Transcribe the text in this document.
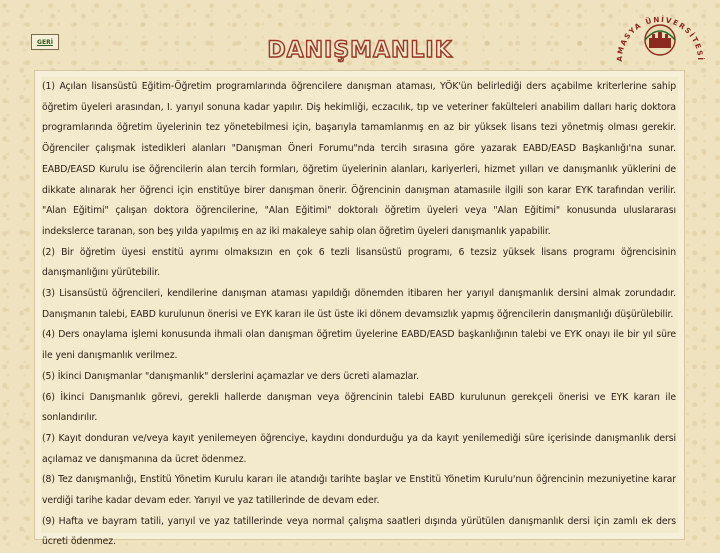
GERİ	DANIŞMANLIK	AMASYA ÜNİVERSİTESİ
2006

(1) Açılan lisansüstü Eğitim-Öğretim programlarında öğrencilere danışman ataması, YÖK'ün belirlediği ders açabilme kriterlerine sahip öğretim üyeleri arasından, I. yarıyıl sonuna kadar yapılır. Diş hekimliği, eczacılık, tıp ve veteriner fakülteleri anabilim dalları hariç doktora programlarında öğretim üyelerinin tez yönetebilmesi için, başarıyla tamamlanmış en az bir yüksek lisans tezi yönetmiş olması gerekir. Öğrenciler çalışmak istedikleri alanları "Danışman Öneri Forumu"nda tercih sırasına göre yazarak EABD/EASD Başkanlığı'na sunar. EABD/EASD Kurulu ise öğrencilerin alan tercih formları, öğretim üyelerinin alanları, kariyerleri, hizmet yılları ve danışmanlık yüklerini de dikkate alınarak her öğrenci için enstitüye birer danışman önerir. Öğrencinin danışman atamasıile ilgili son karar EYK tarafından verilir. "Alan Eğitimi" çalışan doktora öğrencilerine, "Alan Eğitimi" doktoralı öğretim üyeleri veya "Alan Eğitimi" konusunda uluslararası indekslerce taranan, son beş yılda yapılmış en az iki makaleye sahip olan öğretim üyeleri danışmanlık yapabilir.

(2) Bir öğretim üyesi enstitü ayrımı olmaksızın en çok 6 tezli lisansüstü programı, 6 tezsiz yüksek lisans programı öğrencisinin danışmanlığını yürütebilir.

(3) Lisansüstü öğrencileri, kendilerine danışman ataması yapıldığı dönemden itibaren her yarıyıl danışmanlık dersini almak zorundadır. Danışmanın talebi, EABD kurulunun önerisi ve EYK kararı ile üst üste iki dönem devamsızlık yapmış öğrencilerin danışmanlığı düşürülebilir.

(4) Ders onaylama işlemi konusunda ihmali olan danışman öğretim üyelerine EABD/EASD başkanlığının talebi ve EYK onayı ile bir yıl süre ile yeni danışmanlık verilmez.

(5) İkinci Danışmanlar "danışmanlık" derslerini açamazlar ve ders ücreti alamazlar.

(6) İkinci Danışmanlık görevi, gerekli hallerde danışman veya öğrencinin talebi EABD kurulunun gerekçeli önerisi ve EYK kararı ile sonlandırılır.

(7) Kayıt donduran ve/veya kayıt yenilemeyen öğrenciye, kaydını dondurduğu ya da kayıt yenilemediği süre içerisinde danışmanlık dersi açılamaz ve danışmanına da ücret ödenmez.

(8) Tez danışmanlığı, Enstitü Yönetim Kurulu kararı ile atandığı tarihte başlar ve Enstitü Yönetim Kurulu'nun öğrencinin mezuniyetine karar verdiği tarihe kadar devam eder. Yarıyıl ve yaz tatillerinde de devam eder.

(9) Hafta ve bayram tatili, yarıyıl ve yaz tatillerinde veya normal çalışma saatleri dışında yürütülen danışmanlık dersi için zamlı ek ders ücreti ödenmez.
